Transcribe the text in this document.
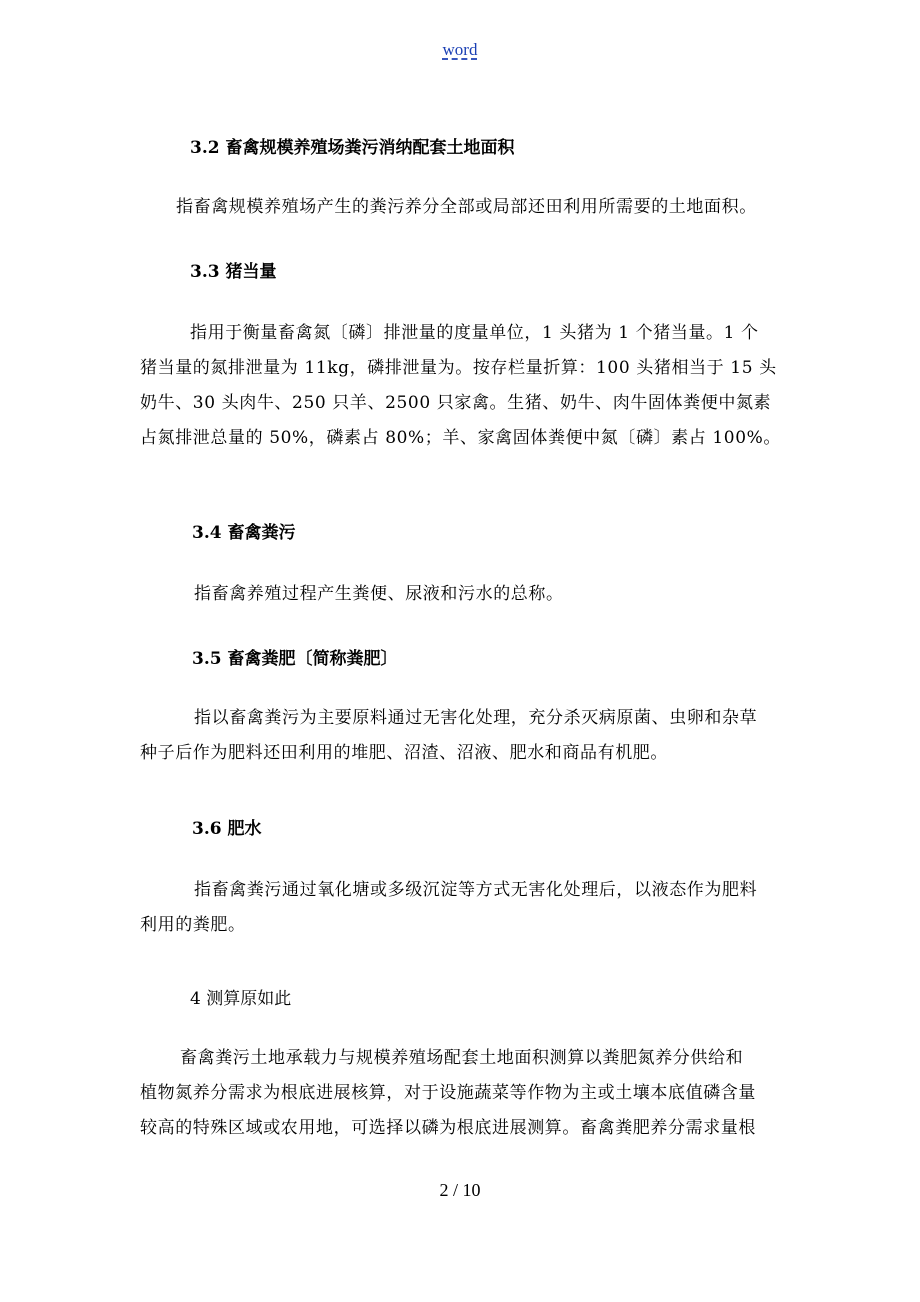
word
3.2 畜禽规模养殖场粪污消纳配套土地面积
指畜禽规模养殖场产生的粪污养分全部或局部还田利用所需要的土地面积。
3.3 猪当量
指用于衡量畜禽氮〔磷〕排泄量的度量单位，1 头猪为 1 个猪当量。1 个
猪当量的氮排泄量为 11kg，磷排泄量为。按存栏量折算：100 头猪相当于 15 头
奶牛、30 头肉牛、250 只羊、2500 只家禽。生猪、奶牛、肉牛固体粪便中氮素
占氮排泄总量的 50%，磷素占 80%；羊、家禽固体粪便中氮〔磷〕素占 100%。
3.4 畜禽粪污
指畜禽养殖过程产生粪便、尿液和污水的总称。
3.5 畜禽粪肥〔简称粪肥〕
指以畜禽粪污为主要原料通过无害化处理，充分杀灭病原菌、虫卵和杂草
种子后作为肥料还田利用的堆肥、沼渣、沼液、肥水和商品有机肥。
3.6 肥水
指畜禽粪污通过氧化塘或多级沉淀等方式无害化处理后，以液态作为肥料
利用的粪肥。
4 测算原如此
畜禽粪污土地承载力与规模养殖场配套土地面积测算以粪肥氮养分供给和
植物氮养分需求为根底进展核算，对于设施蔬菜等作物为主或土壤本底值磷含量
较高的特殊区域或农用地，可选择以磷为根底进展测算。畜禽粪肥养分需求量根
2 / 10
